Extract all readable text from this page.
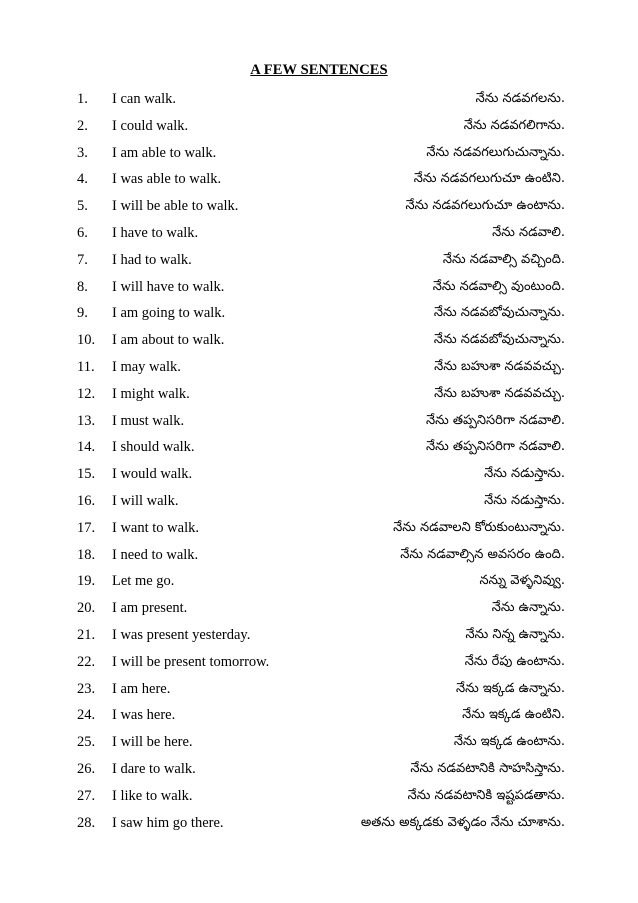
A FEW SENTENCES
1. I can walk.	నేను నడవగలను.
2. I could walk.	నేను నడవగలిగాను.
3. I am able to walk.	నేను నడవగలుగుచున్నాను.
4. I was able to walk.	నేను నడవగలుగుచూ ఉంటిని.
5. I will be able to walk.	నేను నడవగలుగుచూ ఉంటాను.
6. I have to walk.	నేను నడవాలి.
7. I had to walk.	నేను నడవాల్సి వచ్చింది.
8. I will have to walk.	నేను నడవాల్సి వుంటుంది.
9. I am going to walk.	నేను నడవబోవుచున్నాను.
10. I am about to walk.	నేను నడవబోవుచున్నాను.
11. I may walk.	నేను బహుశా నడవవచ్చు.
12. I might walk.	నేను బహుశా నడవవచ్చు.
13. I must walk.	నేను తప్పనిసరిగా నడవాలి.
14. I should walk.	నేను తప్పనిసరిగా నడవాలి.
15. I would walk.	నేను నడుస్తాను.
16. I will walk.	నేను నడుస్తాను.
17. I want to walk.	నేను నడవాలని కోరుకుంటున్నాను.
18. I need to walk.	నేను నడవాల్సిన అవసరం ఉంది.
19. Let me go.	నన్ను వెళ్ళనివ్వు.
20. I am present.	నేను ఉన్నాను.
21. I was present yesterday.	నేను నిన్న ఉన్నాను.
22. I will be present tomorrow.	నేను రేపు ఉంటాను.
23. I am here.	నేను ఇక్కడ ఉన్నాను.
24. I was here.	నేను ఇక్కడ ఉంటిని.
25. I will be here.	నేను ఇక్కడ ఉంటాను.
26. I dare to walk.	నేను నడవటానికి సాహసిస్తాను.
27. I like to walk.	నేను నడవటానికి ఇష్టపడతాను.
28. I saw him go there.	అతను అక్కడకు వెళ్ళడం నేను చూశాను.
